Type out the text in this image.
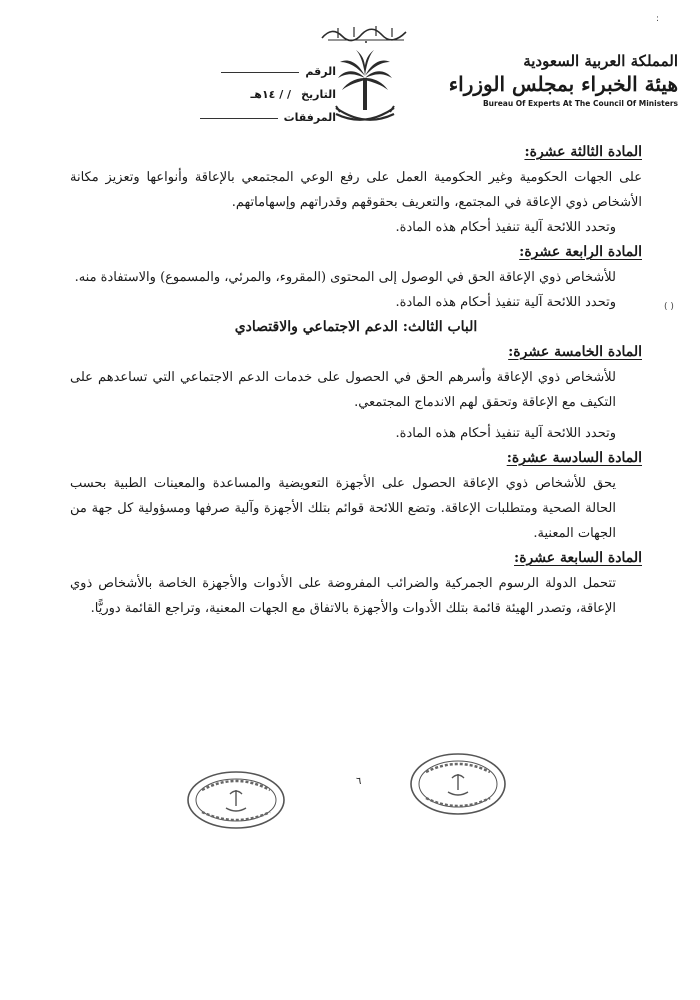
الرقم
التاريخ
/ / ١٤هـ
المرفقات
المملكة العربية السعودية
هيئة الخبراء بمجلس الوزراء
Bureau Of Experts At The Council Of Ministers
:
( )

المادة الثالثة عشرة:

على الجهات الحكومية وغير الحكومية العمل على رفع الوعي المجتمعي بالإعاقة وأنواعها وتعزيز مكانة الأشخاص ذوي الإعاقة في المجتمع، والتعريف بحقوقهم وقدراتهم وإسهاماتهم.

وتحدد اللائحة آلية تنفيذ أحكام هذه المادة.

المادة الرابعة عشرة:

للأشخاص ذوي الإعاقة الحق في الوصول إلى المحتوى (المقروء، والمرئي، والمسموع) والاستفادة منه.

وتحدد اللائحة آلية تنفيذ أحكام هذه المادة.

الباب الثالث: الدعم الاجتماعي والاقتصادي

المادة الخامسة عشرة:

للأشخاص ذوي الإعاقة وأسرهم الحق في الحصول على خدمات الدعم الاجتماعي التي تساعدهم على التكيف مع الإعاقة وتحقق لهم الاندماج المجتمعي.

وتحدد اللائحة آلية تنفيذ أحكام هذه المادة.

المادة السادسة عشرة:

يحق للأشخاص ذوي الإعاقة الحصول على الأجهزة التعويضية والمساعدة والمعينات الطبية بحسب الحالة الصحية ومتطلبات الإعاقة. وتضع اللائحة قوائم بتلك الأجهزة وآلية صرفها ومسؤولية كل جهة من الجهات المعنية.

المادة السابعة عشرة:

تتحمل الدولة الرسوم الجمركية والضرائب المفروضة على الأدوات والأجهزة الخاصة بالأشخاص ذوي الإعاقة، وتصدر الهيئة قائمة بتلك الأدوات والأجهزة بالاتفاق مع الجهات المعنية، وتراجع القائمة دوريًّا.

٦
